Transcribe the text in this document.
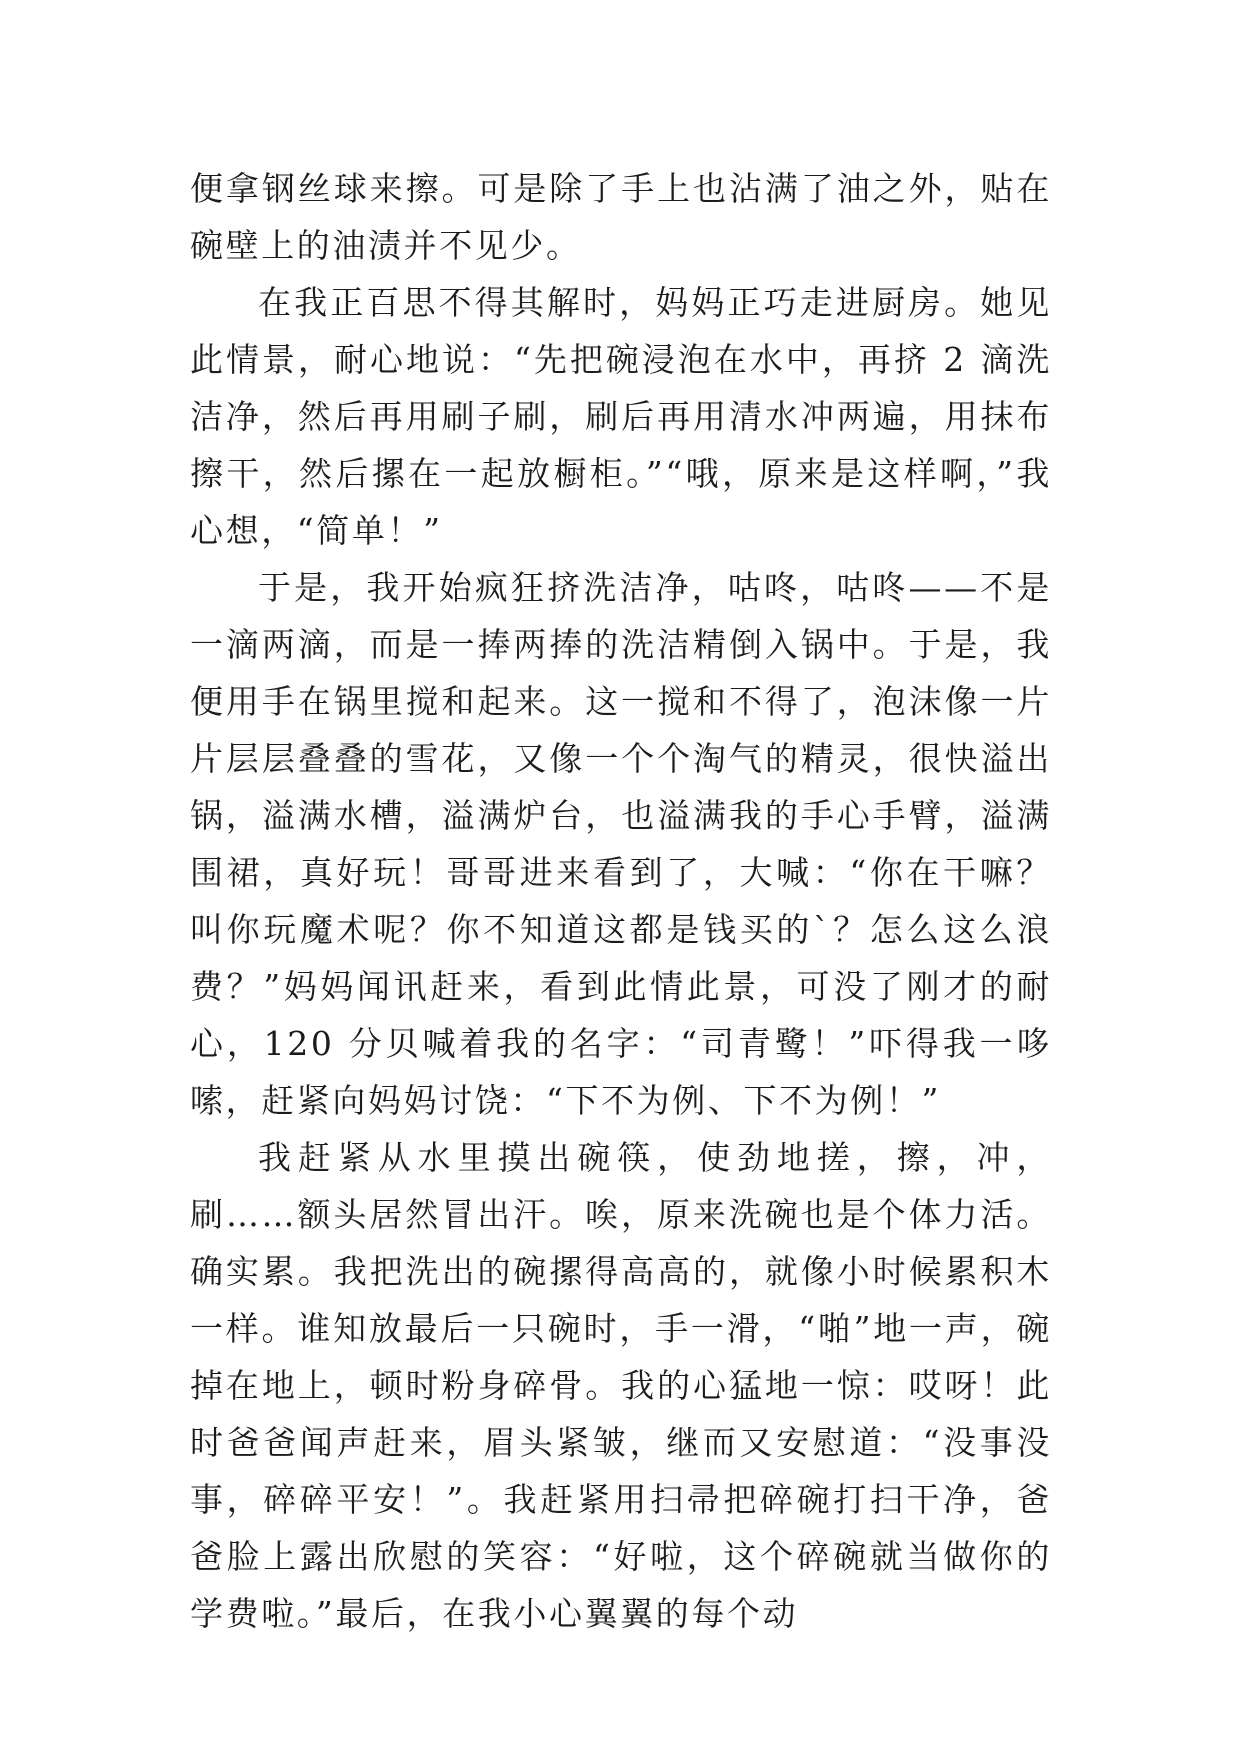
便拿钢丝球来擦。可是除了手上也沾满了油之外，贴在碗壁上的油渍并不见少。

在我正百思不得其解时，妈妈正巧走进厨房。她见此情景，耐心地说：“先把碗浸泡在水中，再挤 2 滴洗洁净，然后再用刷子刷，刷后再用清水冲两遍，用抹布擦干，然后摞在一起放橱柜。”“哦，原来是这样啊，”我心想，“简单！”

于是，我开始疯狂挤洗洁净，咕咚，咕咚——不是一滴两滴，而是一捧两捧的洗洁精倒入锅中。于是，我便用手在锅里搅和起来。这一搅和不得了，泡沫像一片片层层叠叠的雪花，又像一个个淘气的精灵，很快溢出锅，溢满水槽，溢满炉台，也溢满我的手心手臂，溢满围裙，真好玩！哥哥进来看到了，大喊：“你在干嘛？叫你玩魔术呢？你不知道这都是钱买的`？怎么这么浪费？”妈妈闻讯赶来，看到此情此景，可没了刚才的耐心，120 分贝喊着我的名字：“司青鹭！”吓得我一哆嗦，赶紧向妈妈讨饶：“下不为例、下不为例！”

我赶紧从水里摸出碗筷，使劲地搓，擦，冲，刷……额头居然冒出汗。唉，原来洗碗也是个体力活。确实累。我把洗出的碗摞得高高的，就像小时候累积木一样。谁知放最后一只碗时，手一滑，“啪”地一声，碗掉在地上，顿时粉身碎骨。我的心猛地一惊：哎呀！此时爸爸闻声赶来，眉头紧皱，继而又安慰道：“没事没事，碎碎平安！”。我赶紧用扫帚把碎碗打扫干净，爸爸脸上露出欣慰的笑容：“好啦，这个碎碗就当做你的学费啦。”最后，在我小心翼翼的每个动
